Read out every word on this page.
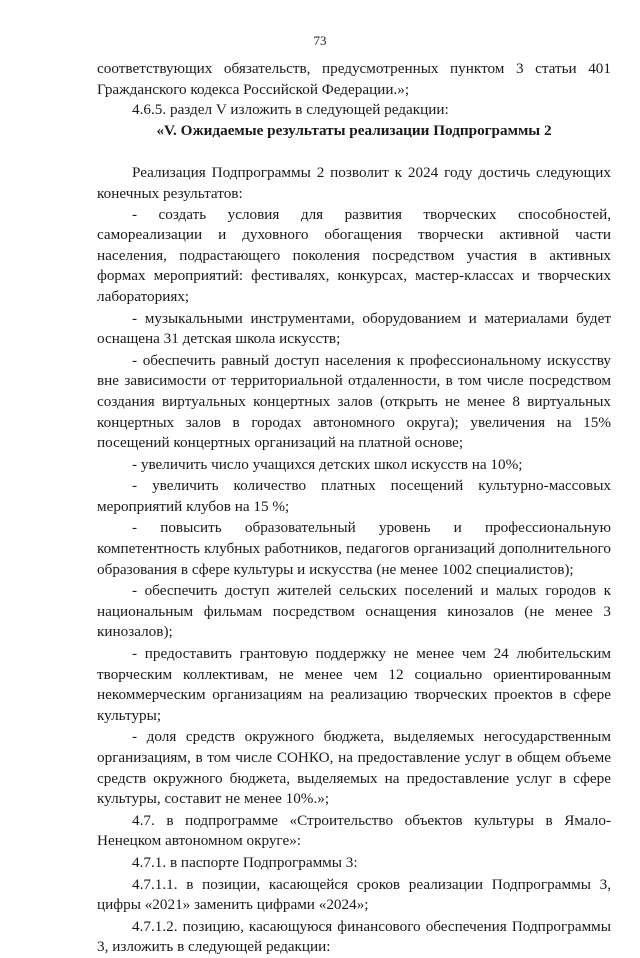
73

соответствующих обязательств, предусмотренных пунктом 3 статьи 401 Гражданского кодекса Российской Федерации.»;

4.6.5. раздел V изложить в следующей редакции:

«V. Ожидаемые результаты реализации Подпрограммы 2

Реализация Подпрограммы 2 позволит к 2024 году достичь следующих конечных результатов:

- создать условия для развития творческих способностей, самореализации и духовного обогащения творчески активной части населения, подрастающего поколения посредством участия в активных формах мероприятий: фестивалях, конкурсах, мастер-классах и творческих лабораториях;

- музыкальными инструментами, оборудованием и материалами будет оснащена 31 детская школа искусств;

- обеспечить равный доступ населения к профессиональному искусству вне зависимости от территориальной отдаленности, в том числе посредством создания виртуальных концертных залов (открыть не менее 8 виртуальных концертных залов в городах автономного округа); увеличения на 15% посещений концертных организаций на платной основе;

- увеличить число учащихся детских школ искусств на 10%;

- увеличить количество платных посещений культурно-массовых мероприятий клубов на 15 %;

- повысить образовательный уровень и профессиональную компетентность клубных работников, педагогов организаций дополнительного образования в сфере культуры и искусства (не менее 1002 специалистов);

- обеспечить доступ жителей сельских поселений и малых городов к национальным фильмам посредством оснащения кинозалов (не менее 3 кинозалов);

- предоставить грантовую поддержку не менее чем 24 любительским творческим коллективам, не менее чем 12 социально ориентированным некоммерческим организациям на реализацию творческих проектов в сфере культуры;

- доля средств окружного бюджета, выделяемых негосударственным организациям, в том числе СОНКО, на предоставление услуг в общем объеме средств окружного бюджета, выделяемых на предоставление услуг в сфере культуры, составит не менее 10%.»;

4.7. в подпрограмме «Строительство объектов культуры в Ямало-Ненецком автономном округе»:

4.7.1. в паспорте Подпрограммы 3:

4.7.1.1. в позиции, касающейся сроков реализации Подпрограммы 3, цифры «2021» заменить цифрами «2024»;

4.7.1.2. позицию, касающуюся финансового обеспечения Подпрограммы 3, изложить в следующей редакции:
